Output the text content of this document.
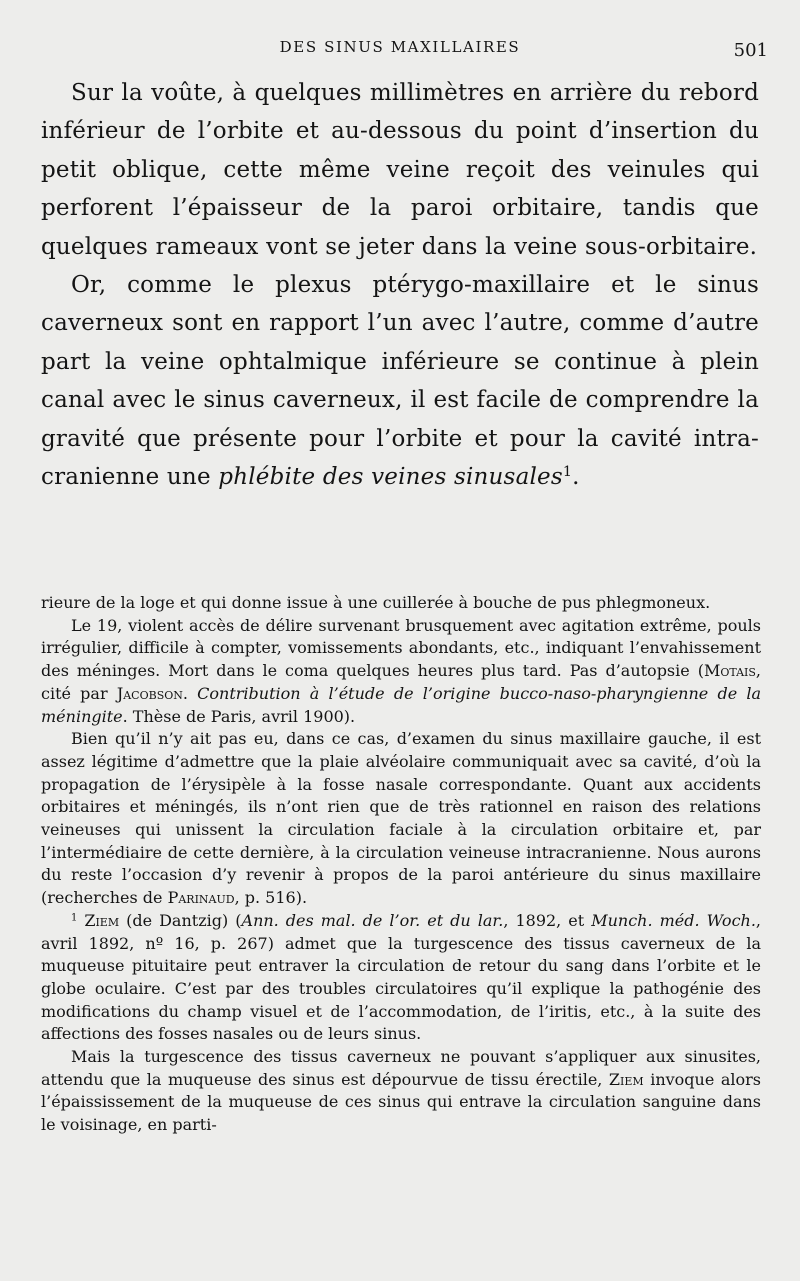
DES SINUS MAXILLAIRES	501

Sur la voûte, à quelques millimètres en arrière du rebord inférieur de l’orbite et au-dessous du point d’insertion du petit oblique, cette même veine reçoit des veinules qui perforent l’épaisseur de la paroi orbitaire, tandis que quelques rameaux vont se jeter dans la veine sous-orbitaire.

Or, comme le plexus ptérygo-maxillaire et le sinus caverneux sont en rapport l’un avec l’autre, comme d’autre part la veine ophtalmique inférieure se continue à plein canal avec le sinus caverneux, il est facile de comprendre la gravité que présente pour l’orbite et pour la cavité intra-cranienne une phlébite des veines sinusales$^1$.

rieure de la loge et qui donne issue à une cuillerée à bouche de pus phlegmoneux.

Le 19, violent accès de délire survenant brusquement avec agitation extrême, pouls irrégulier, difficile à compter, vomissements abondants, etc., indiquant l’envahissement des méninges. Mort dans le coma quelques heures plus tard. Pas d’autopsie (Motais, cité par Jacobson. Contribution à l’étude de l’origine bucco-naso-pharyngienne de la méningite. Thèse de Paris, avril 1900).

Bien qu’il n’y ait pas eu, dans ce cas, d’examen du sinus maxillaire gauche, il est assez légitime d’admettre que la plaie alvéolaire communiquait avec sa cavité, d’où la propagation de l’érysipèle à la fosse nasale correspondante. Quant aux accidents orbitaires et méningés, ils n’ont rien que de très rationnel en raison des relations veineuses qui unissent la circulation faciale à la circulation orbitaire et, par l’intermédiaire de cette dernière, à la circulation veineuse intracranienne. Nous aurons du reste l’occasion d’y revenir à propos de la paroi antérieure du sinus maxillaire (recherches de Parinaud, p. 516).

$^1$ Ziem (de Dantzig) (Ann. des mal. de l’or. et du lar., 1892, et Munch. méd. Woch., avril 1892, nº 16, p. 267) admet que la turgescence des tissus caverneux de la muqueuse pituitaire peut entraver la circulation de retour du sang dans l’orbite et le globe oculaire. C’est par des troubles circulatoires qu’il explique la pathogénie des modifications du champ visuel et de l’accommodation, de l’iritis, etc., à la suite des affections des fosses nasales ou de leurs sinus.

Mais la turgescence des tissus caverneux ne pouvant s’appliquer aux sinusites, attendu que la muqueuse des sinus est dépourvue de tissu érectile, Ziem invoque alors l’épaississement de la muqueuse de ces sinus qui entrave la circulation sanguine dans le voisinage, en parti-
